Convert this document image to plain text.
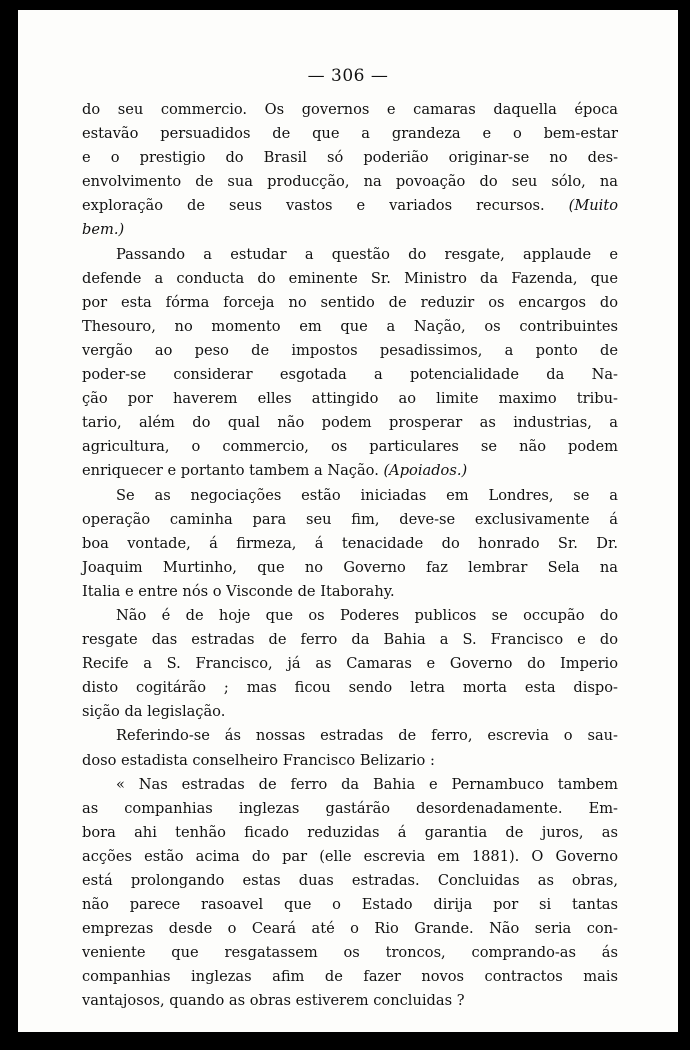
— 306 —

do seu commercio. Os governos e camaras daquella época
estavão persuadidos de que a grandeza e o bem-estar
e o prestigio do Brasil só poderião originar-se no des-
envolvimento de sua producção, na povoação do seu sólo, na
exploração de seus vastos e variados recursos. (Muito
bem.)

Passando a estudar a questão do resgate, applaude e
defende a conducta do eminente Sr. Ministro da Fazenda, que
por esta fórma forceja no sentido de reduzir os encargos do
Thesouro, no momento em que a Nação, os contribuintes
vergão ao peso de impostos pesadissimos, a ponto de
poder-se considerar esgotada a potencialidade da Na-
ção por haverem elles attingido ao limite maximo tribu-
tario, além do qual não podem prosperar as industrias, a
agricultura, o commercio, os particulares se não podem
enriquecer e portanto tambem a Nação. (Apoiados.)

Se as negociações estão iniciadas em Londres, se a
operação caminha para seu fim, deve-se exclusivamente á
boa vontade, á firmeza, á tenacidade do honrado Sr. Dr.
Joaquim Murtinho, que no Governo faz lembrar Sela na
Italia e entre nós o Visconde de Itaborahy.

Não é de hoje que os Poderes publicos se occupão do
resgate das estradas de ferro da Bahia a S. Francisco e do
Recife a S. Francisco, já as Camaras e Governo do Imperio
disto cogitárão ; mas ficou sendo letra morta esta dispo-
sição da legislação.

Referindo-se ás nossas estradas de ferro, escrevia o sau-
doso estadista conselheiro Francisco Belizario :

« Nas estradas de ferro da Bahia e Pernambuco tambem
as companhias inglezas gastárão desordenadamente. Em-
bora ahi tenhão ficado reduzidas á garantia de juros, as
acções estão acima do par (elle escrevia em 1881). O Governo
está prolongando estas duas estradas. Concluidas as obras,
não parece rasoavel que o Estado dirija por si tantas
emprezas desde o Ceará até o Rio Grande. Não seria con-
veniente que resgatassem os troncos, comprando-as ás
companhias inglezas afim de fazer novos contractos mais
vantajosos, quando as obras estiverem concluidas ?
